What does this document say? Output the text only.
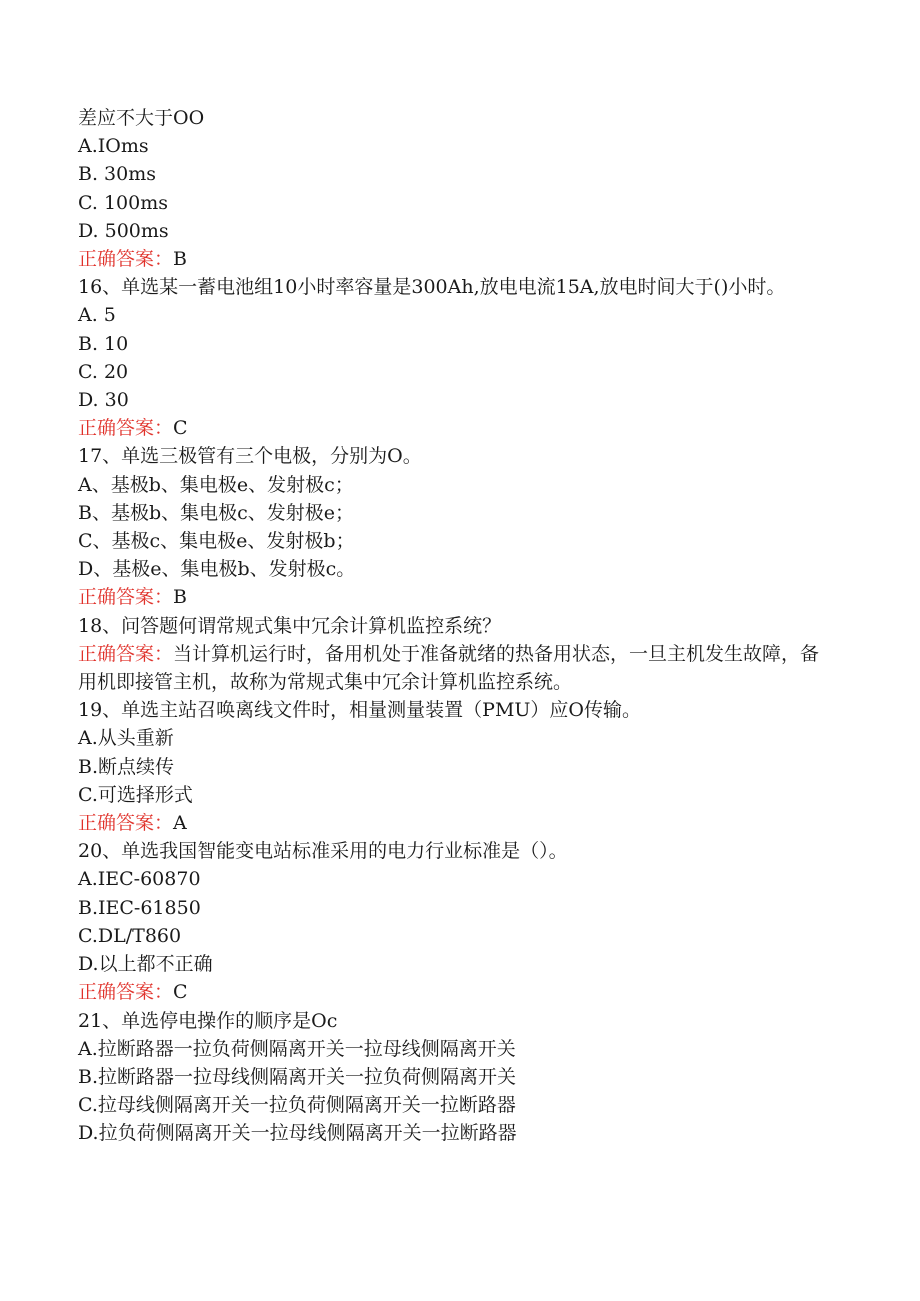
差应不大于OO

A.IOms

B. 30ms

C. 100ms

D. 500ms

正确答案：B

16、单选某一蓄电池组10小时率容量是300Ah,放电电流15A,放电时间大于()小时。

A. 5

B. 10

C. 20

D. 30

正确答案：C

17、单选三极管有三个电极，分别为O。

A、基极b、集电极e、发射极c；

B、基极b、集电极c、发射极e；

C、基极c、集电极e、发射极b；

D、基极e、集电极b、发射极c。

正确答案：B

18、问答题何谓常规式集中冗余计算机监控系统？

正确答案：当计算机运行时，备用机处于准备就绪的热备用状态，一旦主机发生故障，备用机即接管主机，故称为常规式集中冗余计算机监控系统。

19、单选主站召唤离线文件时，相量测量装置（PMU）应O传输。

A.从头重新

B.断点续传

C.可选择形式

正确答案：A

20、单选我国智能变电站标准采用的电力行业标准是（）。

A.IEC-60870

B.IEC-61850

C.DL/T860

D.以上都不正确

正确答案：C

21、单选停电操作的顺序是Oc

A.拉断路器一拉负荷侧隔离开关一拉母线侧隔离开关

B.拉断路器一拉母线侧隔离开关一拉负荷侧隔离开关

C.拉母线侧隔离开关一拉负荷侧隔离开关一拉断路器

D.拉负荷侧隔离开关一拉母线侧隔离开关一拉断路器
